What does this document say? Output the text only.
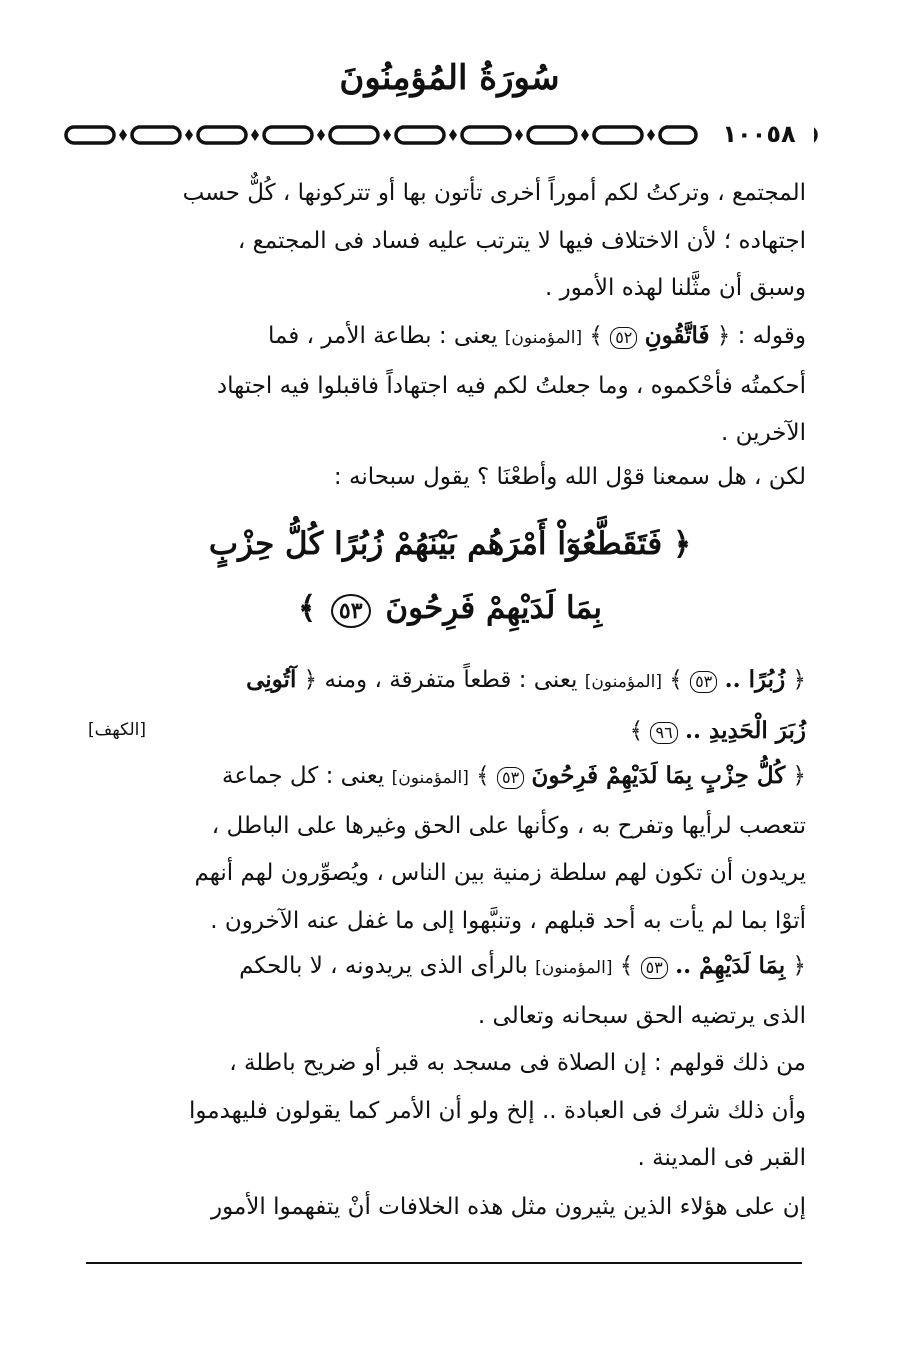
سُورَةُ المُؤمِنُونَ
١٠٠٥٨
المجتمع ، وتركتُ لكم أموراً أخرى تأتون بها أو تتركونها ، كُلٌّ حسب
اجتهاده ؛ لأن الاختلاف فيها لا يترتب عليه فساد فى المجتمع ،
وسبق أن مثَّلنا لهذه الأمور .
وقوله : ﴿ فَاتَّقُونِ ٥٢ ﴾ [المؤمنون] يعنى : بطاعة الأمر ، فما
أحكمتُه فأحْكموه ، وما جعلتُ لكم فيه اجتهاداً فاقبلوا فيه اجتهاد
الآخرين .
لكن ، هل سمعنا قوْل الله وأطعْنَا ؟ يقول سبحانه :
﴿ فَتَقَطَّعُوٓاْ أَمْرَهُم بَيْنَهُمْ زُبُرًا كُلُّ حِزْبٍ
بِمَا لَدَيْهِمْ فَرِحُونَ ٥٣ ﴾
﴿ زُبُرًا .. ٥٣ ﴾ [المؤمنون] يعنى : قطعاً متفرقة ، ومنه ﴿ آتُونِى
زُبَرَ الْحَدِيدِ .. ٩٦ ﴾
[الكهف]
﴿ كُلُّ حِزْبٍ بِمَا لَدَيْهِمْ فَرِحُونَ ٥٣ ﴾ [المؤمنون] يعنى : كل جماعة
تتعصب لرأيها وتفرح به ، وكأنها على الحق وغيرها على الباطل ،
يريدون أن تكون لهم سلطة زمنية بين الناس ، ويُصوِّرون لهم أنهم
أتوْا بما لم يأت به أحد قبلهم ، وتنبَّهوا إلى ما غفل عنه الآخرون .
﴿ بِمَا لَدَيْهِمْ .. ٥٣ ﴾ [المؤمنون] بالرأى الذى يريدونه ، لا بالحكم
الذى يرتضيه الحق سبحانه وتعالى .
من ذلك قولهم : إن الصلاة فى مسجد به قبر أو ضريح باطلة ،
وأن ذلك شرك فى العبادة .. إلخ ولو أن الأمر كما يقولون فليهدموا
القبر فى المدينة .
إن على هؤلاء الذين يثيرون مثل هذه الخلافات أنْ يتفهموا الأمور
